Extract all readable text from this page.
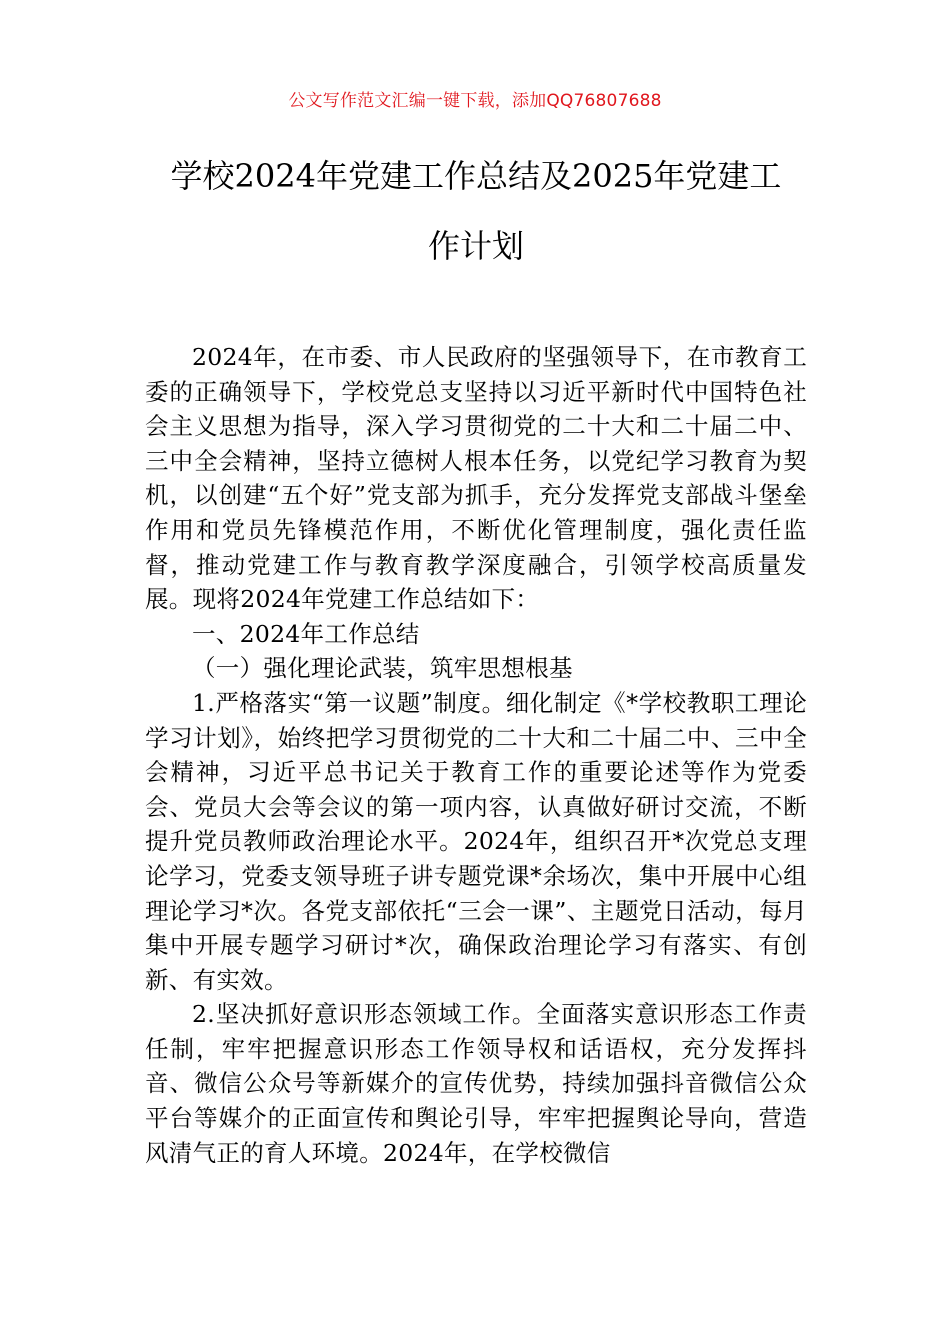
公文写作范文汇编一键下载，添加QQ76807688
学校2024年党建工作总结及2025年党建工
作计划

2024年，在市委、市人民政府的坚强领导下，在市教育工委的正确领导下，学校党总支坚持以习近平新时代中国特色社会主义思想为指导，深入学习贯彻党的二十大和二十届二中、三中全会精神，坚持立德树人根本任务，以党纪学习教育为契机，以创建“五个好”党支部为抓手，充分发挥党支部战斗堡垒作用和党员先锋模范作用，不断优化管理制度，强化责任监督，推动党建工作与教育教学深度融合，引领学校高质量发展。现将2024年党建工作总结如下：

一、2024年工作总结

（一）强化理论武装，筑牢思想根基

1.严格落实“第一议题”制度。细化制定《*学校教职工理论学习计划》，始终把学习贯彻党的二十大和二十届二中、三中全会精神，习近平总书记关于教育工作的重要论述等作为党委会、党员大会等会议的第一项内容，认真做好研讨交流，不断提升党员教师政治理论水平。2024年，组织召开*次党总支理论学习，党委支领导班子讲专题党课*余场次，集中开展中心组理论学习*次。各党支部依托“三会一课”、主题党日活动，每月集中开展专题学习研讨*次，确保政治理论学习有落实、有创新、有实效。

2.坚决抓好意识形态领域工作。全面落实意识形态工作责任制，牢牢把握意识形态工作领导权和话语权，充分发挥抖音、微信公众号等新媒介的宣传优势，持续加强抖音微信公众平台等媒介的正面宣传和舆论引导，牢牢把握舆论导向，营造风清气正的育人环境。2024年，在学校微信
